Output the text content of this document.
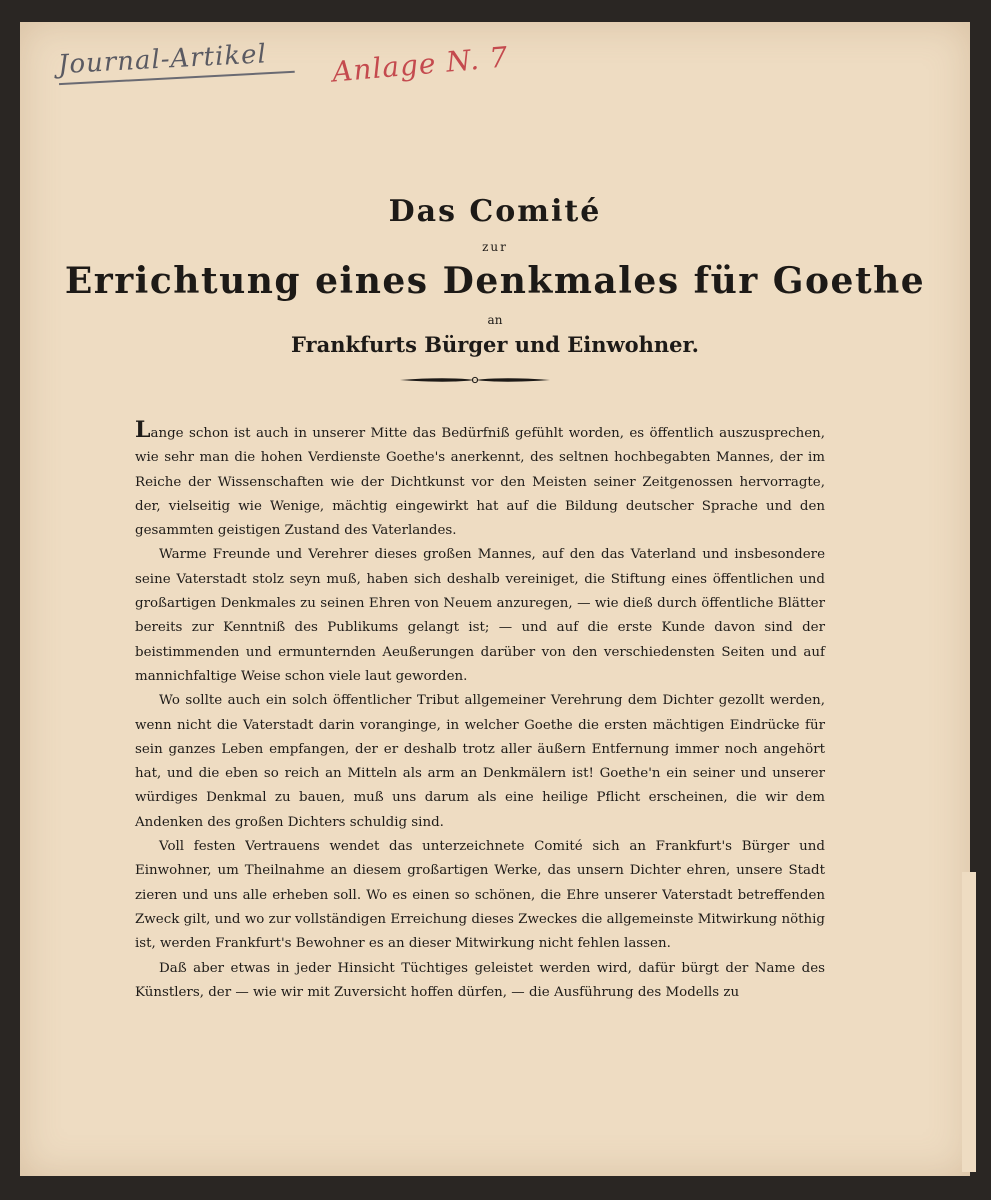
Journal-Artikel	Anlage N. 7
Das Comité
zur
Errichtung eines Denkmales für Goethe
an
Frankfurts Bürger und Einwohner.

Lange schon ist auch in unserer Mitte das Bedürfniß gefühlt worden, es öffentlich auszusprechen, wie sehr man die hohen Verdienste Goethe's anerkennt, des seltnen hochbegabten Mannes, der im Reiche der Wissenschaften wie der Dichtkunst vor den Meisten seiner Zeitgenossen hervorragte, der, vielseitig wie Wenige, mächtig eingewirkt hat auf die Bildung deutscher Sprache und den gesammten geistigen Zustand des Vaterlandes.

Warme Freunde und Verehrer dieses großen Mannes, auf den das Vaterland und insbesondere seine Vaterstadt stolz seyn muß, haben sich deshalb vereiniget, die Stiftung eines öffentlichen und großartigen Denkmales zu seinen Ehren von Neuem anzuregen, — wie dieß durch öffentliche Blätter bereits zur Kenntniß des Publikums gelangt ist; — und auf die erste Kunde davon sind der beistimmenden und ermunternden Aeußerungen darüber von den verschiedensten Seiten und auf mannichfaltige Weise schon viele laut geworden.

Wo sollte auch ein solch öffentlicher Tribut allgemeiner Verehrung dem Dichter gezollt werden, wenn nicht die Vaterstadt darin voranginge, in welcher Goethe die ersten mächtigen Eindrücke für sein ganzes Leben empfangen, der er deshalb trotz aller äußern Entfernung immer noch angehört hat, und die eben so reich an Mitteln als arm an Denkmälern ist! Goethe'n ein seiner und unserer würdiges Denkmal zu bauen, muß uns darum als eine heilige Pflicht erscheinen, die wir dem Andenken des großen Dichters schuldig sind.

Voll festen Vertrauens wendet das unterzeichnete Comité sich an Frankfurt's Bürger und Einwohner, um Theilnahme an diesem großartigen Werke, das unsern Dichter ehren, unsere Stadt zieren und uns alle erheben soll. Wo es einen so schönen, die Ehre unserer Vaterstadt betreffenden Zweck gilt, und wo zur vollständigen Erreichung dieses Zweckes die allgemeinste Mitwirkung nöthig ist, werden Frankfurt's Bewohner es an dieser Mitwirkung nicht fehlen lassen.

Daß aber etwas in jeder Hinsicht Tüchtiges geleistet werden wird, dafür bürgt der Name des Künstlers, der — wie wir mit Zuversicht hoffen dürfen, — die Ausführung des Modells zu
